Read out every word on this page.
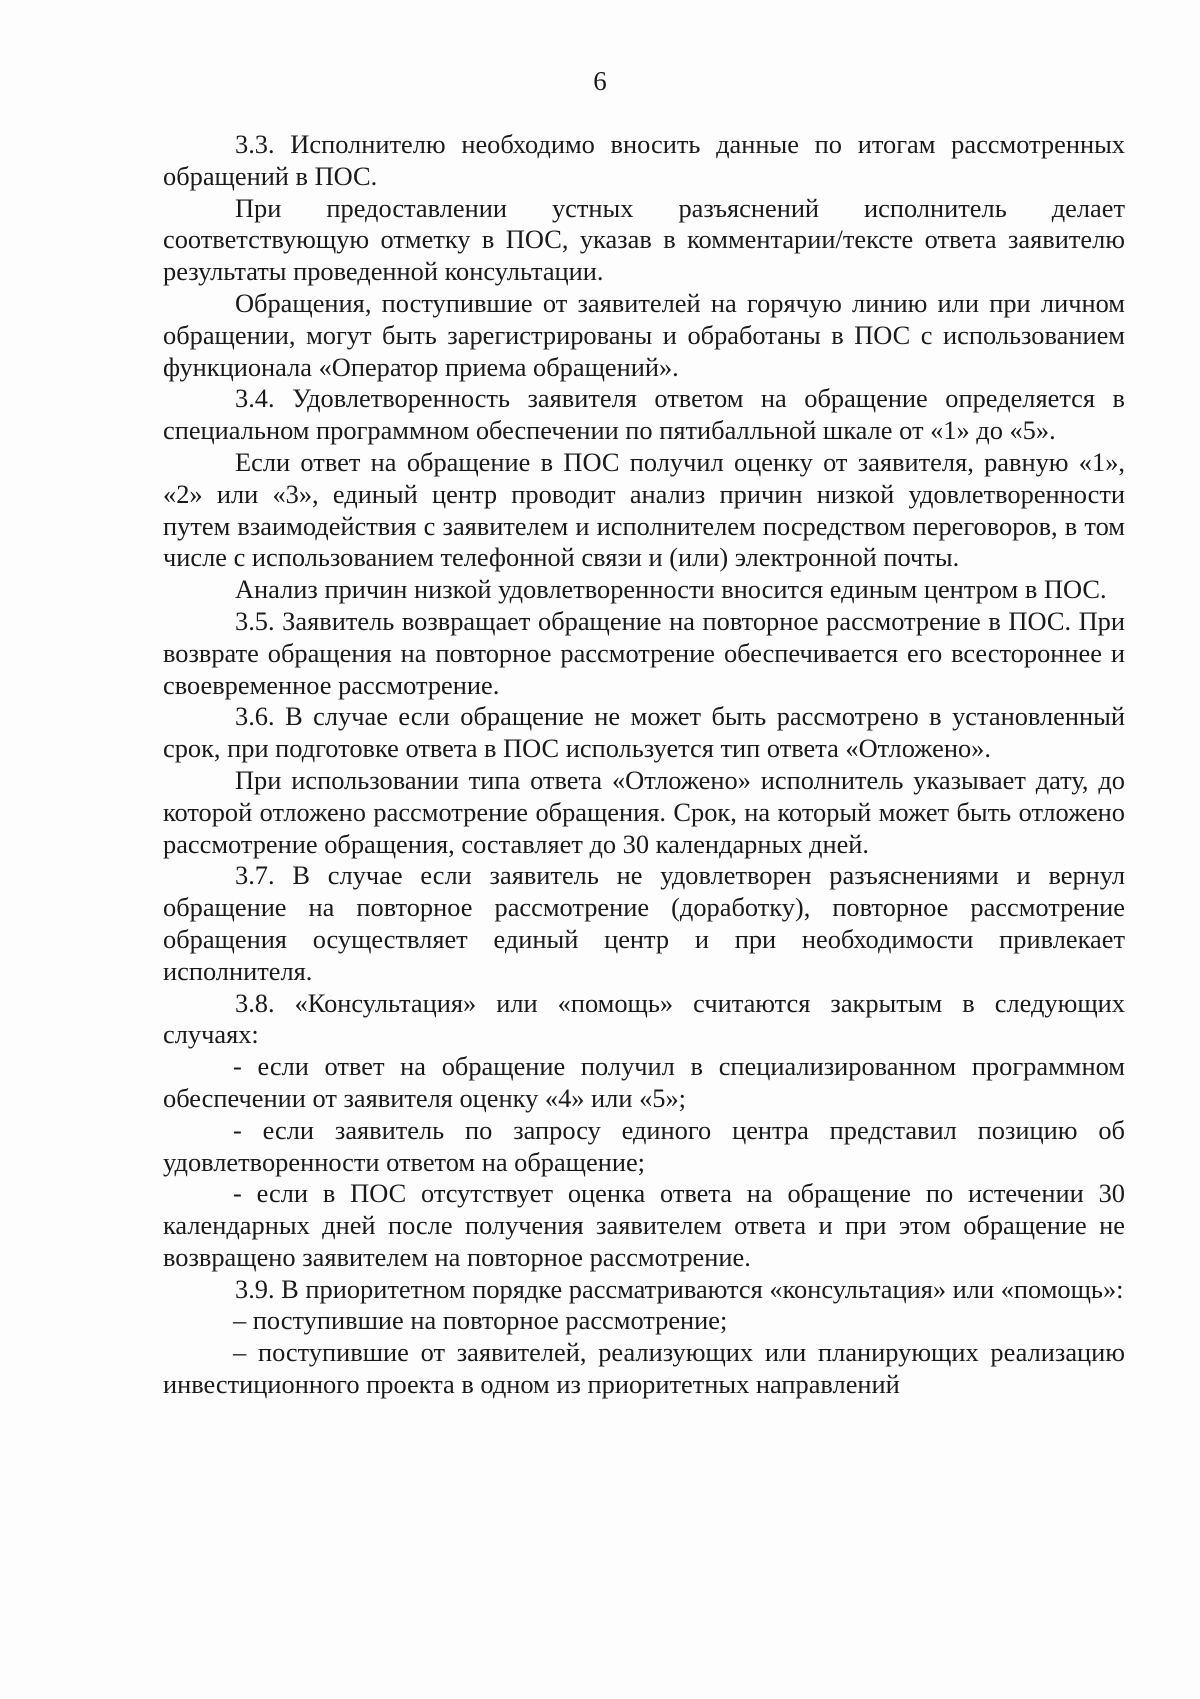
6

3.3. Исполнителю необходимо вносить данные по итогам рассмотренных обращений в ПОС.

При предоставлении устных разъяснений исполнитель делает соответствующую отметку в ПОС, указав в комментарии/тексте ответа заявителю результаты проведенной консультации.

Обращения, поступившие от заявителей на горячую линию или при личном обращении, могут быть зарегистрированы и обработаны в ПОС с использованием функционала «Оператор приема обращений».

3.4. Удовлетворенность заявителя ответом на обращение определяется в специальном программном обеспечении по пятибалльной шкале от «1» до «5».

Если ответ на обращение в ПОС получил оценку от заявителя, равную «1», «2» или «3», единый центр проводит анализ причин низкой удовлетворенности путем взаимодействия с заявителем и исполнителем посредством переговоров, в том числе с использованием телефонной связи и (или) электронной почты.

Анализ причин низкой удовлетворенности вносится единым центром в ПОС.

3.5. Заявитель возвращает обращение на повторное рассмотрение в ПОС. При возврате обращения на повторное рассмотрение обеспечивается его всестороннее и своевременное рассмотрение.

3.6. В случае если обращение не может быть рассмотрено в установленный срок, при подготовке ответа в ПОС используется тип ответа «Отложено».

При использовании типа ответа «Отложено» исполнитель указывает дату, до которой отложено рассмотрение обращения. Срок, на который может быть отложено рассмотрение обращения, составляет до 30 календарных дней.

3.7. В случае если заявитель не удовлетворен разъяснениями и вернул обращение на повторное рассмотрение (доработку), повторное рассмотрение обращения осуществляет единый центр и при необходимости привлекает исполнителя.

3.8. «Консультация» или «помощь» считаются закрытым в следующих случаях:

- если ответ на обращение получил в специализированном программном обеспечении от заявителя оценку «4» или «5»;

- если заявитель по запросу единого центра представил позицию об удовлетворенности ответом на обращение;

- если в ПОС отсутствует оценка ответа на обращение по истечении 30 календарных дней после получения заявителем ответа и при этом обращение не возвращено заявителем на повторное рассмотрение.

3.9. В приоритетном порядке рассматриваются «консультация» или «помощь»:

– поступившие на повторное рассмотрение;

– поступившие от заявителей, реализующих или планирующих реализацию инвестиционного проекта в одном из приоритетных направлений
